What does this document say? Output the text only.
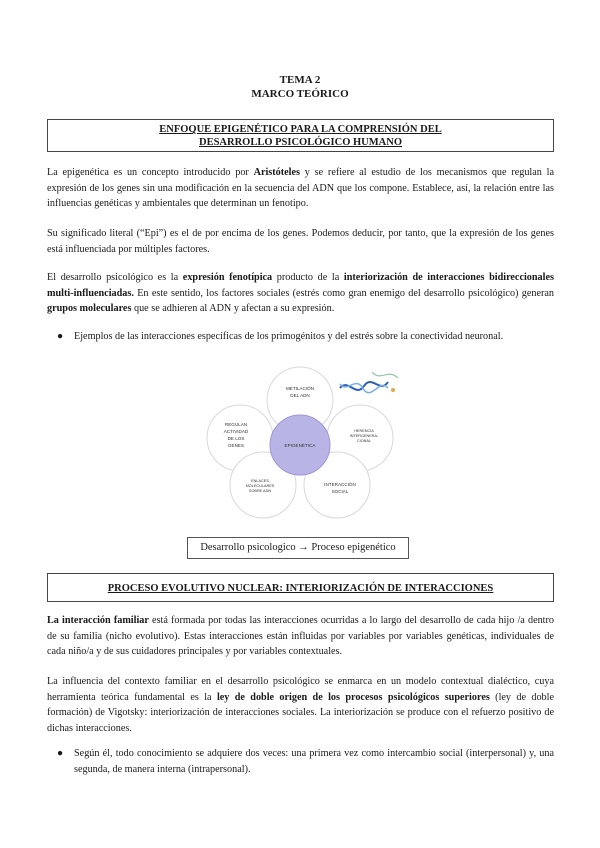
TEMA 2
MARCO TEÓRICO
ENFOQUE EPIGENÉTICO PARA LA COMPRENSIÓN DEL
DESARROLLO PSICOLÓGICO HUMANO
La epigenética es un concepto introducido por Aristóteles y se refiere al estudio de los mecanismos que regulan la expresión de los genes sin una modificación en la secuencia del ADN que los compone. Establece, así, la relación entre las influencias genéticas y ambientales que determinan un fenotipo.
Su significado literal (“Epi”) es el de por encima de los genes. Podemos deducir, por tanto, que la expresión de los genes está influenciada por múltiples factores.
El desarrollo psicológico es la expresión fenotípica producto de la interiorización de interacciones bidireccionales multi-influenciadas. En este sentido, los factores sociales (estrés como gran enemigo del desarrollo psicológico) generan grupos moleculares que se adhieren al ADN y afectan a su expresión.
●	Ejemplos de las interacciones específicas de los primogénitos y del estrés sobre la conectividad neuronal.
EPIGENÉTICA
METILACIÓN
DEL ADN
REGULAN
ACTIVIDAD
DE LOS
GENES
HERENCIA
INTERGENERA-
CIONAL
ENLACES
MOLECULARES
SOBRE ADN
INTERACCIÓN
SOCIAL
Desarrollo psicologico → Proceso epigenético
PROCESO EVOLUTIVO NUCLEAR: INTERIORIZACIÓN DE INTERACCIONES
La interacción familiar está formada por todas las interacciones ocurridas a lo largo del desarrollo de cada hijo /a dentro de su familia (nicho evolutivo). Estas interacciones están influidas por variables por variables genéticas, individuales de cada niño/a y de sus cuidadores principales y por variables contextuales.
La influencia del contexto familiar en el desarrollo psicológico se enmarca en un modelo contextual dialéctico, cuya herramienta teórica fundamental es la ley de doble origen de los procesos psicológicos superiores (ley de doble formación) de Vigotsky: interiorización de interacciones sociales. La interiorización se produce con el refuerzo positivo de dichas interacciones.
●	Según él, todo conocimiento se adquiere dos veces: una primera vez como intercambio social (interpersonal) y, una segunda, de manera interna (intrapersonal).
